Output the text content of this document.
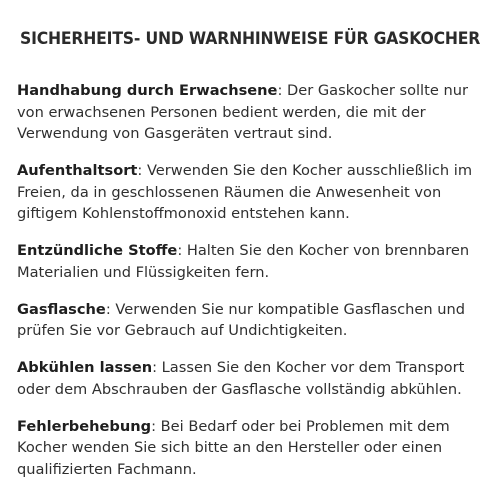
SICHERHEITS- UND WARNHINWEISE FÜR GASKOCHER

Handhabung durch Erwachsene: Der Gaskocher sollte nur von erwachsenen Personen bedient werden, die mit der Verwendung von Gasgeräten vertraut sind.

Aufenthaltsort: Verwenden Sie den Kocher ausschließlich im Freien, da in geschlossenen Räumen die Anwesenheit von giftigem Kohlenstoffmonoxid entstehen kann.

Entzündliche Stoffe: Halten Sie den Kocher von brennbaren Materialien und Flüssigkeiten fern.

Gasflasche: Verwenden Sie nur kompatible Gasflaschen und prüfen Sie vor Gebrauch auf Undichtigkeiten.

Abkühlen lassen: Lassen Sie den Kocher vor dem Transport oder dem Abschrauben der Gasflasche vollständig abkühlen.

Fehlerbehebung: Bei Bedarf oder bei Problemen mit dem Kocher wenden Sie sich bitte an den Hersteller oder einen qualifizierten Fachmann.
